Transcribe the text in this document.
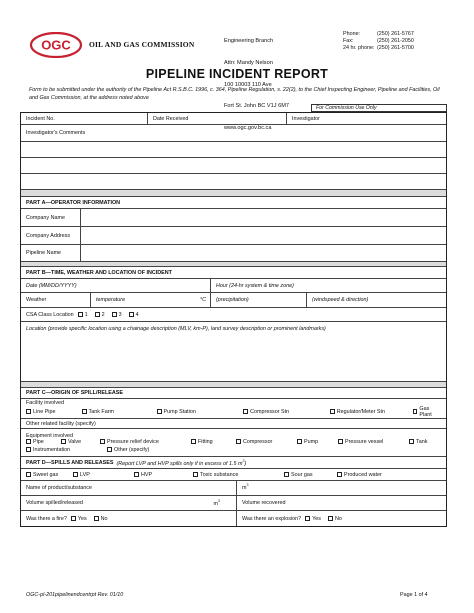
OGC OIL AND GAS COMMISSION

	Engineering Branch

Attn: Mandy Nelson

100 10003 110 Ave

Fort St. John BC V1J 6M7

www.ogc.gov.bc.ca

Phone:	(250) 261-5767
Fax:	(250) 261-2050
24 hr. phone: (250) 261-5700
PIPELINE INCIDENT REPORT
Form to be submitted under the authority of the Pipeline Act R.S.B.C. 1996, c. 364, Pipeline Regulation, s. 22(2), to the Chief Inspecting Engineer, Pipeline and Facilities, Oil and Gas Commission, at the address noted above
For Commission Use Only
Incident No.	Date Received	Investigator
Investigator's Comments
PART A—OPERATOR INFORMATION
Company Name
Company Address
Pipeline Name
PART B—TIME, WEATHER AND LOCATION OF INCIDENT
Date (MM/DD/YYYY)	Hour (24-hr system & time zone)
Weather	temperature	°C (precipitation)	(windspeed & direction)
CSA Class Location 1	2	3	4
Location (provide specific location using a chainage description (MLV, km-P), land survey description or prominent landmarks)
PART C—ORIGIN OF SPILL/RELEASE
Facility involved
Line Pipe	Tank Farm	Pump Station	Compressor Stn	Regulator/Meter Stn	Gas Plant
Other related facility (specify)
Equipment involved
Pipe	Valve	Pressure relief device	Fitting	Compressor	Pump	Pressure vessel	Tank
Instrumentation	Other (specify)
PART D—SPILLS AND RELEASES (Report LVP and HVP spills only if in excess of 1.5 $m^3$)
Sweet gas	LVP	HVP	Toxic substance	Sour gas	Produced water
Name of product/substance	$m^3$
Volume spilled/released	$m^3$	Volume recovered
Was there a fire? Yes	No	Was there an explosion? Yes	No
OGC-pl-201pipelinendcentrpt Rev. 01/10	Page 1 of 4
